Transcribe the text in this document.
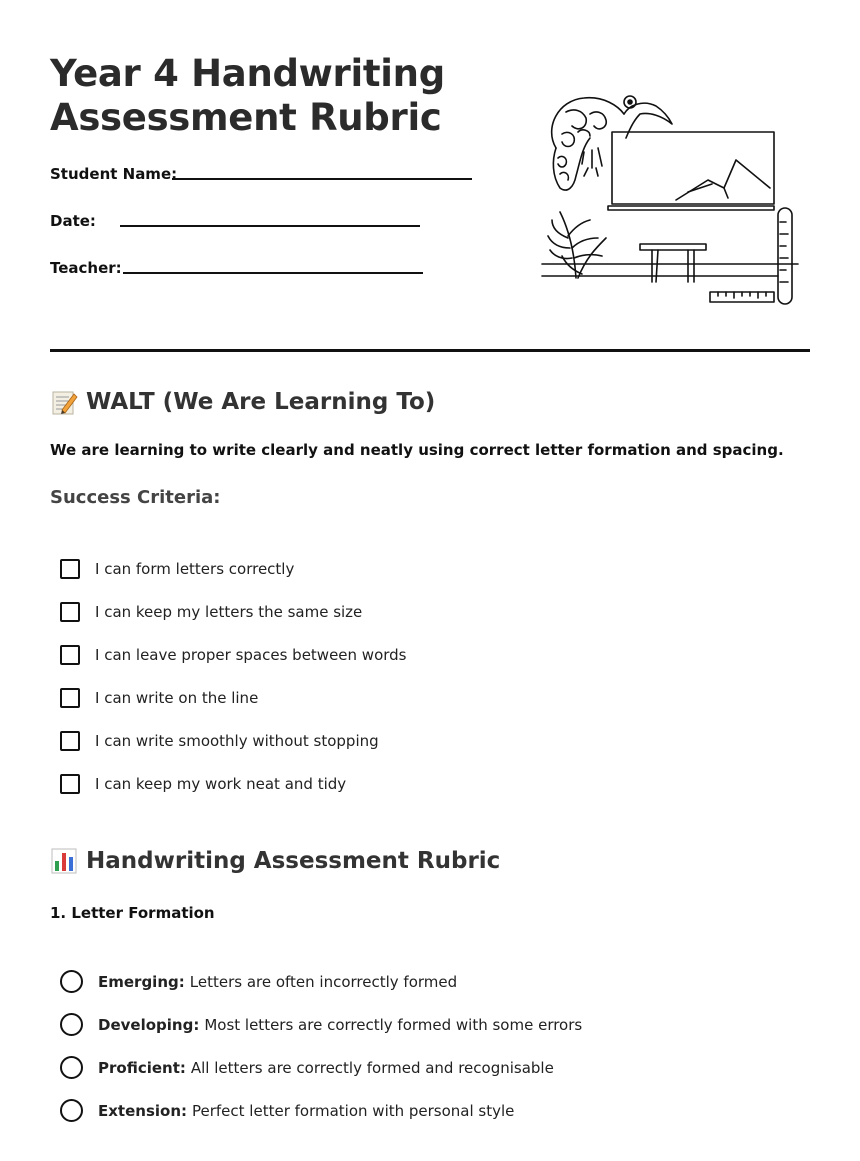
Year 4 Handwriting
Assessment Rubric
Student Name:
Date:
Teacher:
WALT (We Are Learning To)

We are learning to write clearly and neatly using correct letter formation and spacing.

Success Criteria:

I can form letters correctly
I can keep my letters the same size
I can leave proper spaces between words
I can write on the line
I can write smoothly without stopping
I can keep my work neat and tidy
Handwriting Assessment Rubric

1. Letter Formation

Emerging: Letters are often incorrectly formed
Developing: Most letters are correctly formed with some errors
Proficient: All letters are correctly formed and recognisable
Extension: Perfect letter formation with personal style
